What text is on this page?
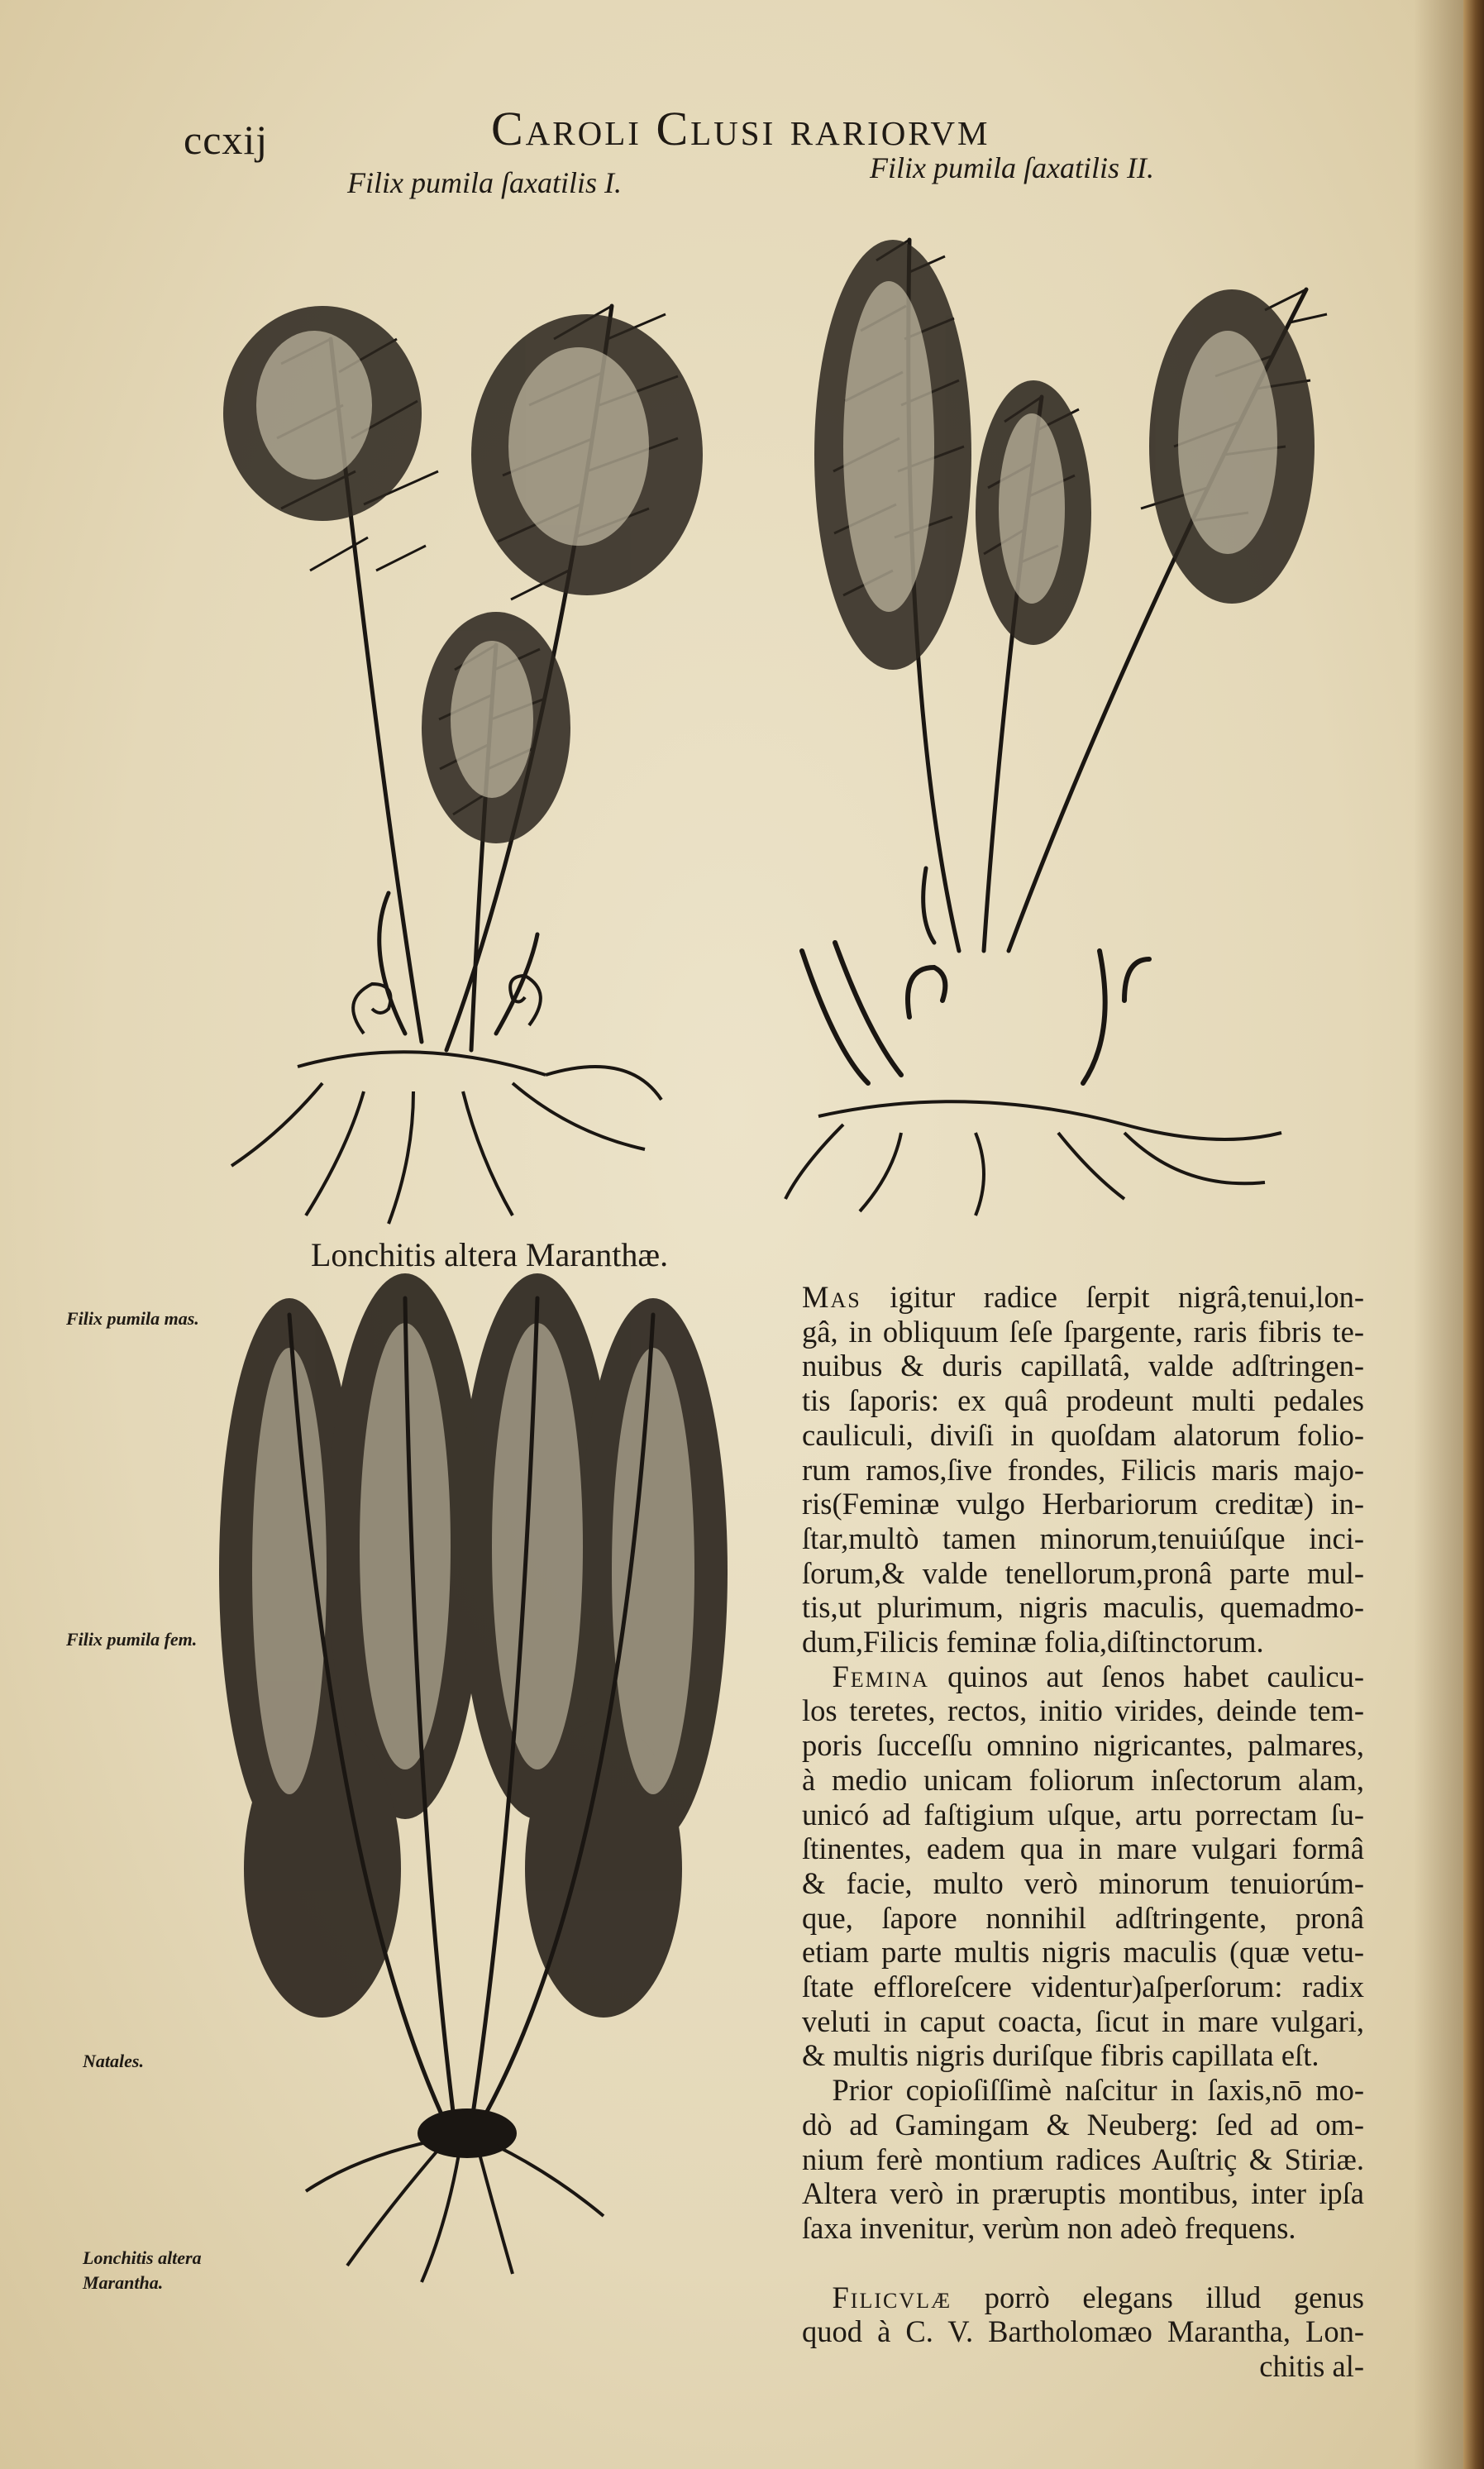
ccxij	Caroli Clusi rariorvm
Filix pumila ſaxatilis I.	Filix pumila ſaxatilis II.
Lonchitis altera Maranthæ.
Filix pumila mas.
Filix pumila fem.
Natales.
Lonchitis altera Marantha.
Mas igitur radice ſerpit nigrâ,tenui,lon-
gâ, in obliquum ſeſe ſpargente, raris fibris te-
nuibus & duris capillatâ, valde adſtringen-
tis ſaporis: ex quâ prodeunt multi pedales
cauliculi, diviſi in quoſdam alatorum folio-
rum ramos,ſive frondes, Filicis maris majo-
ris(Feminæ vulgo Herbariorum creditæ) in-
ſtar,multò tamen minorum,tenuiúſque inci-
ſorum,& valde tenellorum,pronâ parte mul-
tis,ut plurimum, nigris maculis, quemadmo-
dum,Filicis feminæ folia,diſtinctorum.
 Femina quinos aut ſenos habet caulicu-
los teretes, rectos, initio virides, deinde tem-
poris ſucceſſu omnino nigricantes, palmares,
à medio unicam foliorum inſectorum alam,
unicó ad faſtigium uſque, artu porrectam ſu-
ſtinentes, eadem qua in mare vulgari formâ
& facie, multo verò minorum tenuiorúm-
que, ſapore nonnihil adſtringente, pronâ
etiam parte multis nigris maculis (quæ vetu-
ſtate effloreſcere videntur)aſperſorum: radix
veluti in caput coacta, ſicut in mare vulgari,
& multis nigris duriſque fibris capillata eſt.
 Prior copioſiſſimè naſcitur in ſaxis,nō mo-
dò ad Gamingam & Neuberg: ſed ad om-
nium ferè montium radices Auſtriç & Stiriæ.
Altera verò in præruptis montibus, inter ipſa
ſaxa invenitur, verùm non adeò frequens.
 Filicvlæ porrò elegans illud genus
quod à C. V. Bartholomæo Marantha, Lon-
chitis al-
